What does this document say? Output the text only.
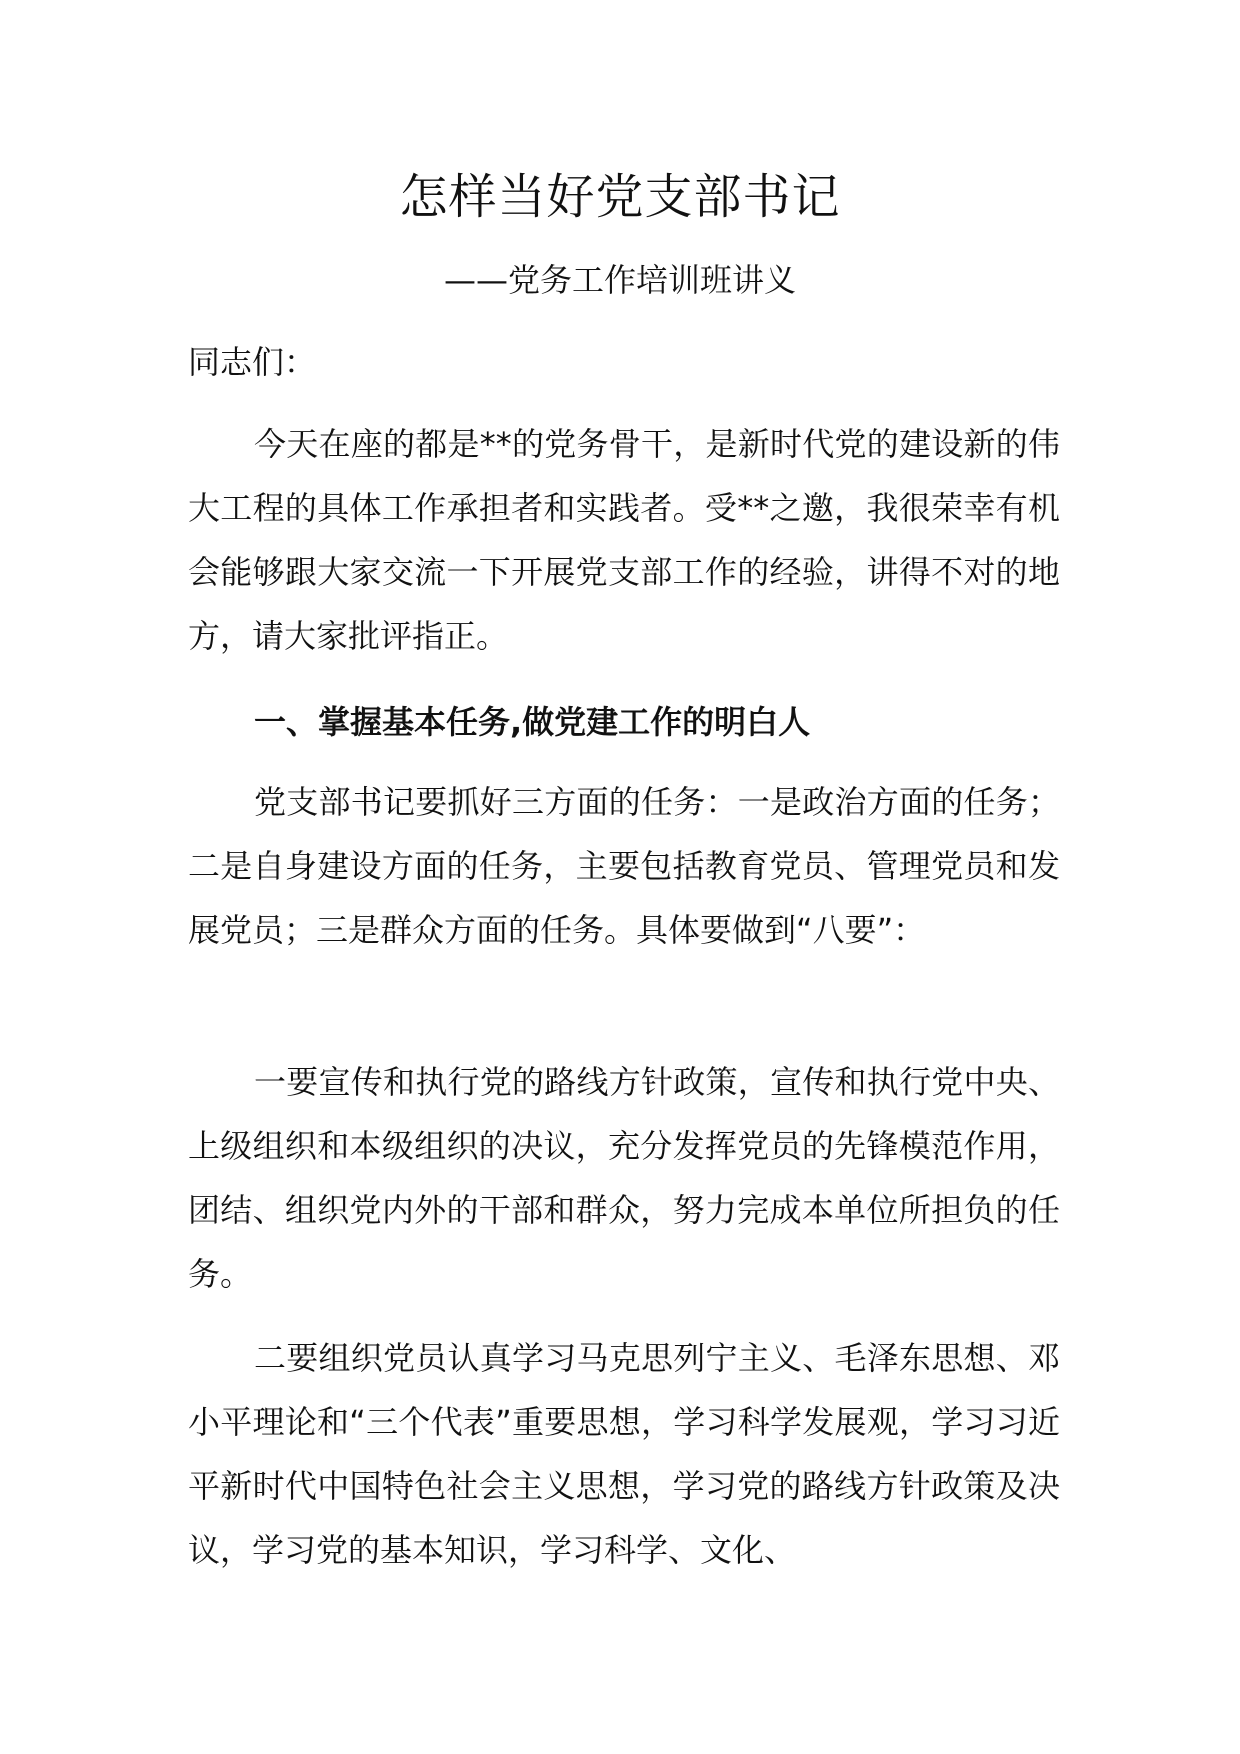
怎样当好党支部书记

——党务工作培训班讲义

同志们：

今天在座的都是**的党务骨干，是新时代党的建设新的伟大工程的具体工作承担者和实践者。受**之邀，我很荣幸有机会能够跟大家交流一下开展党支部工作的经验，讲得不对的地方，请大家批评指正。

一、掌握基本任务,做党建工作的明白人

党支部书记要抓好三方面的任务：一是政治方面的任务；二是自身建设方面的任务，主要包括教育党员、管理党员和发展党员；三是群众方面的任务。具体要做到“八要”：

一要宣传和执行党的路线方针政策，宣传和执行党中央、上级组织和本级组织的决议，充分发挥党员的先锋模范作用，团结、组织党内外的干部和群众，努力完成本单位所担负的任务。

二要组织党员认真学习马克思列宁主义、毛泽东思想、邓小平理论和“三个代表”重要思想，学习科学发展观，学习习近平新时代中国特色社会主义思想，学习党的路线方针政策及决议，学习党的基本知识，学习科学、文化、
